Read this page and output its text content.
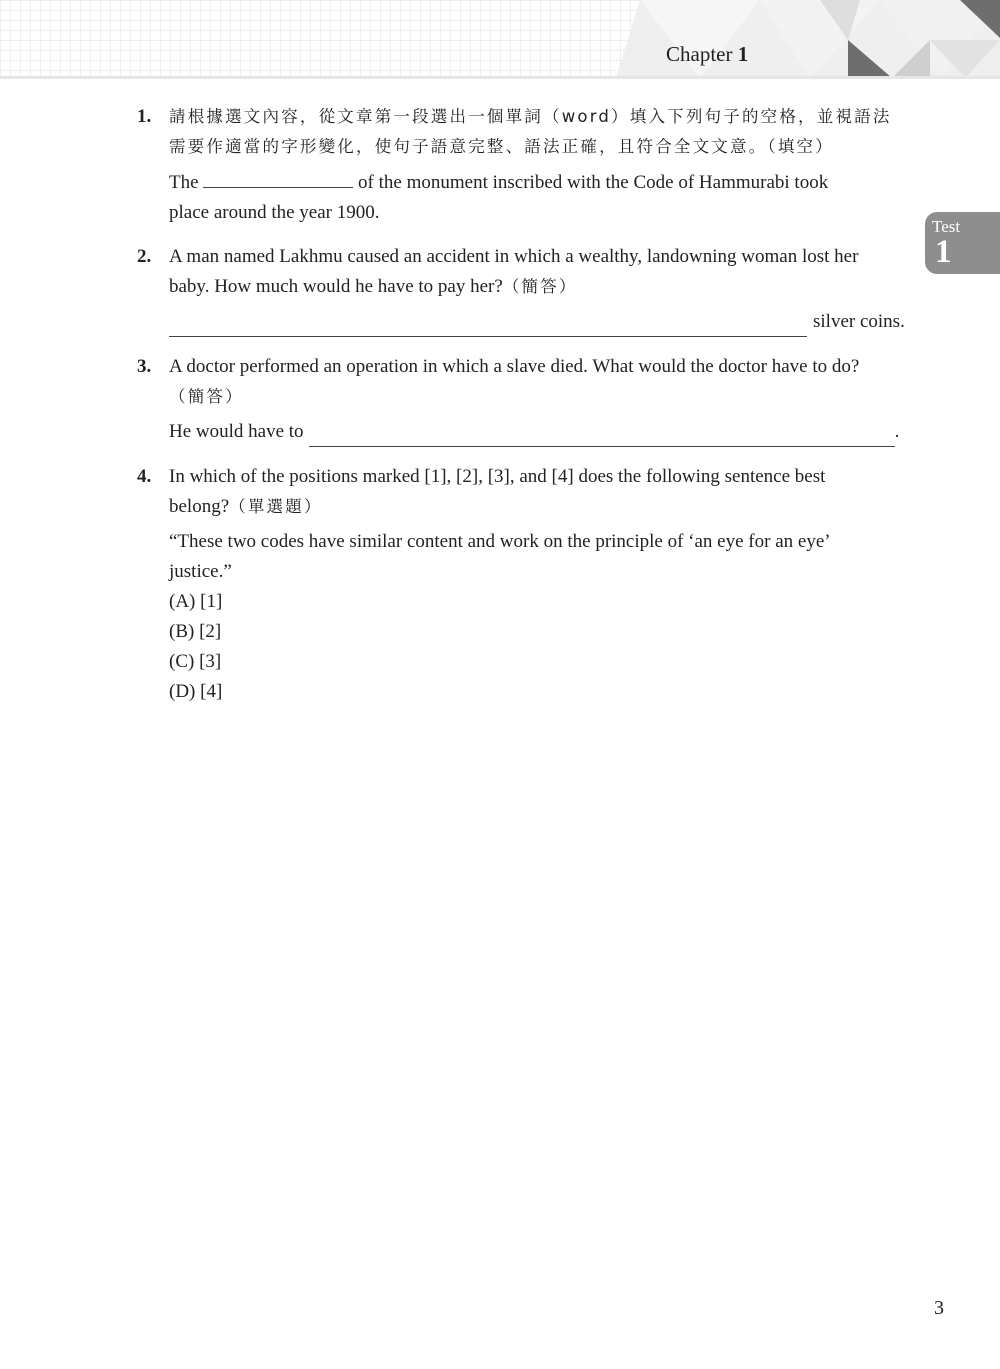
Chapter 1
Test
1
1. 請根據選文內容，從文章第一段選出一個單詞（word）填入下列句子的空格，並視語法
需要作適當的字形變化，使句子語意完整、語法正確，且符合全文文意。（填空）
The	of the monument inscribed with the Code of Hammurabi took
place around the year 1900.
2. A man named Lakhmu caused an accident in which a wealthy, landowning woman lost her
baby. How much would he have to pay her?（簡答）
silver coins.
3. A doctor performed an operation in which a slave died. What would the doctor have to do?
（簡答）
He would have to	.
4. In which of the positions marked [1], [2], [3], and [4] does the following sentence best
belong?（單選題）
“These two codes have similar content and work on the principle of ‘an eye for an eye’
justice.”
(A) [1]
(B) [2]
(C) [3]
(D) [4]
3
